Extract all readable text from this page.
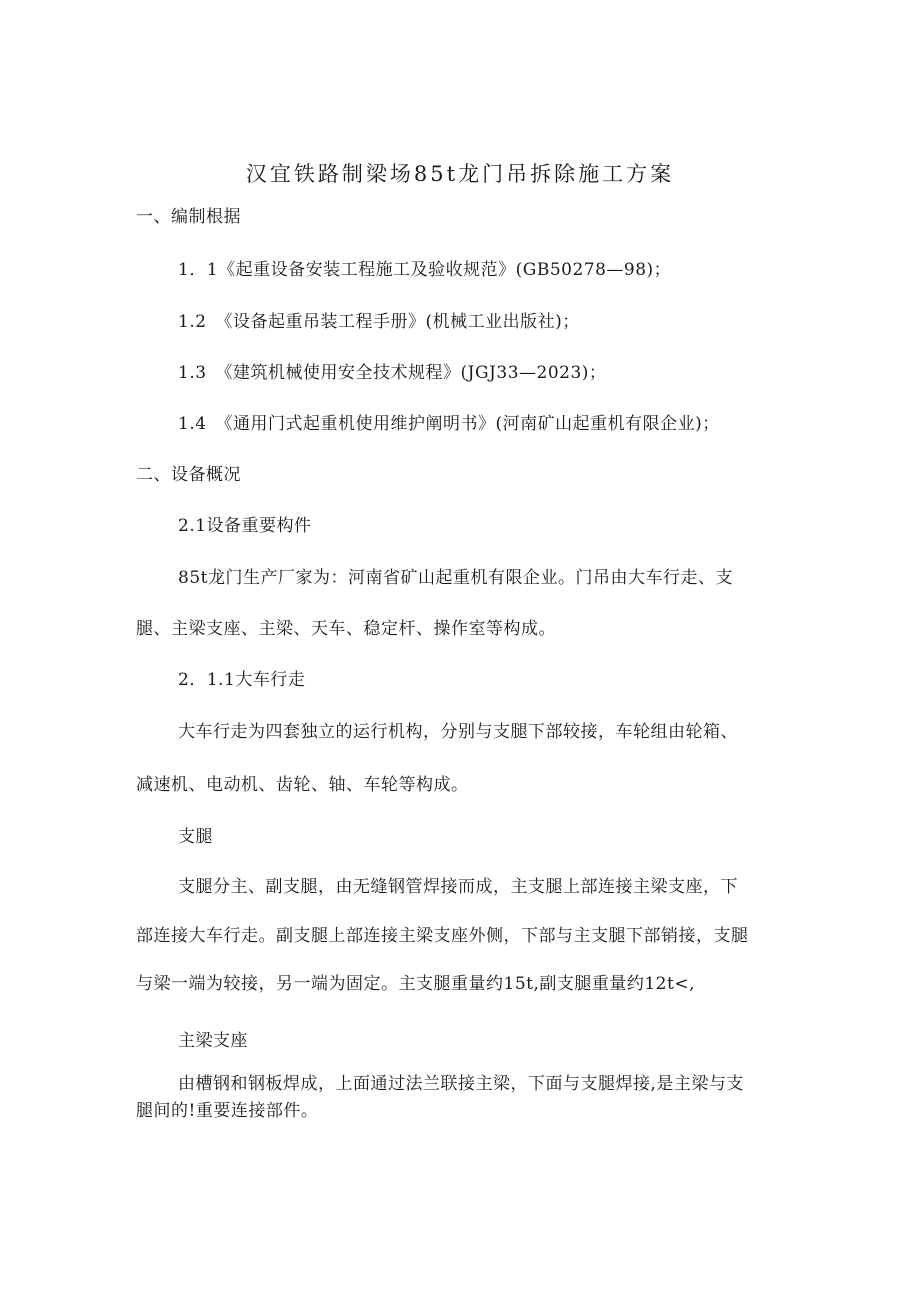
汉宜铁路制梁场85t龙门吊拆除施工方案
一、编制根据
1．1《起重设备安装工程施工及验收规范》(GB50278—98)；
1.2　《设备起重吊装工程手册》(机械工业出版社)；
1.3　《建筑机械使用安全技术规程》(JGJ33—2023)；
1.4　《通用门式起重机使用维护阐明书》(河南矿山起重机有限企业)；
二、设备概况
2.1设备重要构件
85t龙门生产厂家为：河南省矿山起重机有限企业。门吊由大车行走、支
腿、主梁支座、主梁、天车、稳定杆、操作室等构成。
2．1.1大车行走
大车行走为四套独立的运行机构，分别与支腿下部较接，车轮组由轮箱、
减速机、电动机、齿轮、轴、车轮等构成。
支腿
支腿分主、副支腿，由无缝钢管焊接而成，主支腿上部连接主梁支座，下
部连接大车行走。副支腿上部连接主梁支座外侧，下部与主支腿下部销接，支腿
与梁一端为较接，另一端为固定。主支腿重量约15t,副支腿重量约12t<,
主梁支座
由槽钢和钢板焊成，上面通过法兰联接主梁，下面与支腿焊接,是主梁与支
腿间的!重要连接部件。
